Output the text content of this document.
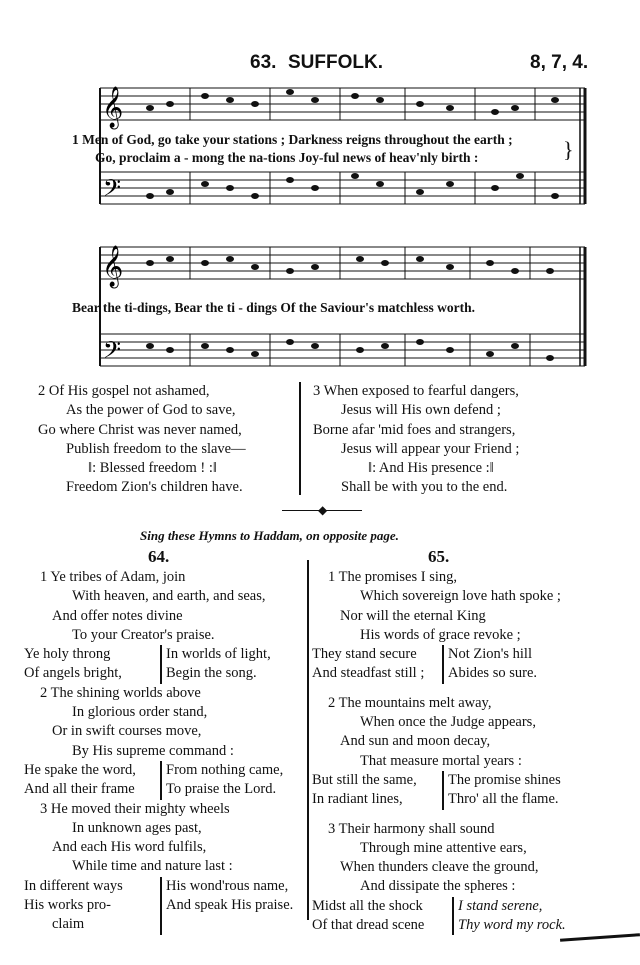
63. SUFFOLK.	8, 7, 4.
𝄞
𝄢
𝄞
𝄢
1 Men of God, go take your stations ; Darkness reigns throughout the earth ;
Go, proclaim a - mong the na-tions Joy-ful news of heav'nly birth :	}
Bear the ti-dings, Bear the ti - dings Of the Saviour's matchless worth.
2 Of His gospel not ashamed,
As the power of God to save,
Go where Christ was never named,
Publish freedom to the slave—
‖: Blessed freedom ! :‖
Freedom Zion's children have.
3 When exposed to fearful dangers,
Jesus will His own defend ;
Borne afar 'mid foes and strangers,
Jesus will appear your Friend ;
‖: And His presence :‖
Shall be with you to the end.
◆
Sing these Hymns to Haddam, on opposite page.
64.
1 Ye tribes of Adam, join
With heaven, and earth, and seas,
And offer notes divine
To your Creator's praise.
Ye holy throng	In worlds of light,
Of angels bright,	Begin the song.
2 The shining worlds above
In glorious order stand,
Or in swift courses move,
By His supreme command :
He spake the word,	From nothing came,
And all their frame	To praise the Lord.
3 He moved their mighty wheels
In unknown ages past,
And each His word fulfils,
While time and nature last :
In different ways	His wond'rous name,
His works pro-	And speak His praise.
claim
65.
1 The promises I sing,
Which sovereign love hath spoke ;
Nor will the eternal King
His words of grace revoke ;
They stand secure	Not Zion's hill
And steadfast still ;	Abides so sure.
2 The mountains melt away,
When once the Judge appears,
And sun and moon decay,
That measure mortal years :
But still the same,	The promise shines
In radiant lines,	Thro' all the flame.
3 Their harmony shall sound
Through mine attentive ears,
When thunders cleave the ground,
And dissipate the spheres :
Midst all the shock	I stand serene,
Of that dread scene	Thy word my rock.
